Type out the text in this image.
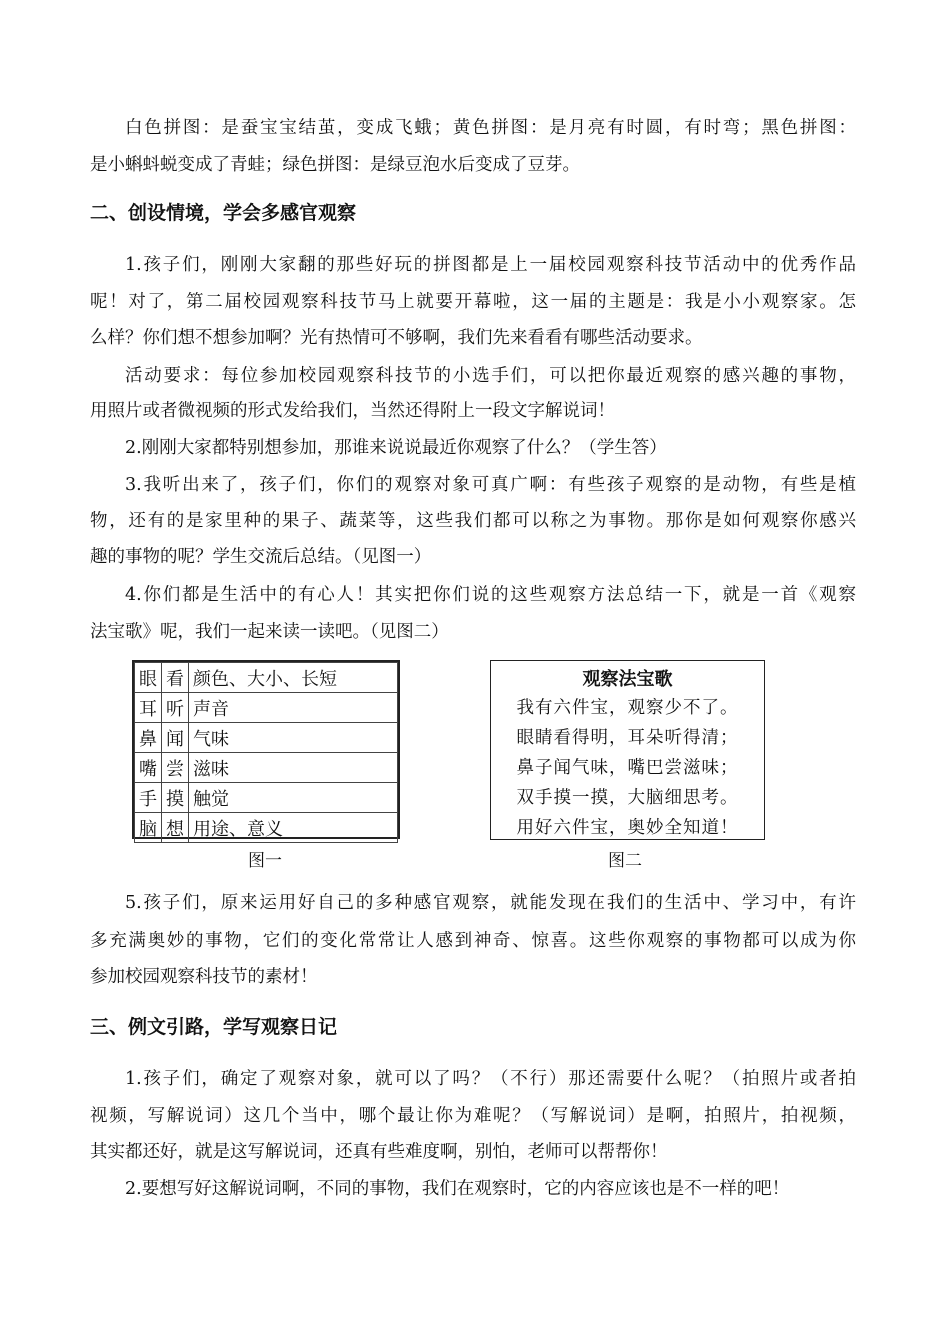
白色拼图：是蚕宝宝结茧，变成飞蛾；黄色拼图：是月亮有时圆，有时弯；黑色拼图：
是小蝌蚪蜕变成了青蛙；绿色拼图：是绿豆泡水后变成了豆芽。
1.孩子们，刚刚大家翻的那些好玩的拼图都是上一届校园观察科技节活动中的优秀作品
呢！对了，第二届校园观察科技节马上就要开幕啦，这一届的主题是：我是小小观察家。怎
么样？你们想不想参加啊？光有热情可不够啊，我们先来看看有哪些活动要求。
活动要求：每位参加校园观察科技节的小选手们，可以把你最近观察的感兴趣的事物，
用照片或者微视频的形式发给我们，当然还得附上一段文字解说词！
2.刚刚大家都特别想参加，那谁来说说最近你观察了什么？（学生答）
3.我听出来了，孩子们，你们的观察对象可真广啊：有些孩子观察的是动物，有些是植
物，还有的是家里种的果子、蔬菜等，这些我们都可以称之为事物。那你是如何观察你感兴
趣的事物的呢？学生交流后总结。（见图一）
4.你们都是生活中的有心人！其实把你们说的这些观察方法总结一下，就是一首《观察
法宝歌》呢，我们一起来读一读吧。（见图二）
5.孩子们，原来运用好自己的多种感官观察，就能发现在我们的生活中、学习中，有许
多充满奥妙的事物，它们的变化常常让人感到神奇、惊喜。这些你观察的事物都可以成为你
参加校园观察科技节的素材！
1.孩子们，确定了观察对象，就可以了吗？（不行）那还需要什么呢？（拍照片或者拍
视频，写解说词）这几个当中，哪个最让你为难呢？（写解说词）是啊，拍照片，拍视频，
其实都还好，就是这写解说词，还真有些难度啊，别怕，老师可以帮帮你！
2.要想写好这解说词啊，不同的事物，我们在观察时，它的内容应该也是不一样的吧！
二、创设情境，学会多感官观察
三、例文引路，学写观察日记
眼	看	颜色、大小、长短
耳	听	声音
鼻	闻	气味
嘴	尝	滋味
手	摸	触觉
脑	想	用途、意义
图一
观察法宝歌
我有六件宝，观察少不了。
眼睛看得明，耳朵听得清；
鼻子闻气味，嘴巴尝滋味；
双手摸一摸，大脑细思考。
用好六件宝，奥妙全知道！
图二
